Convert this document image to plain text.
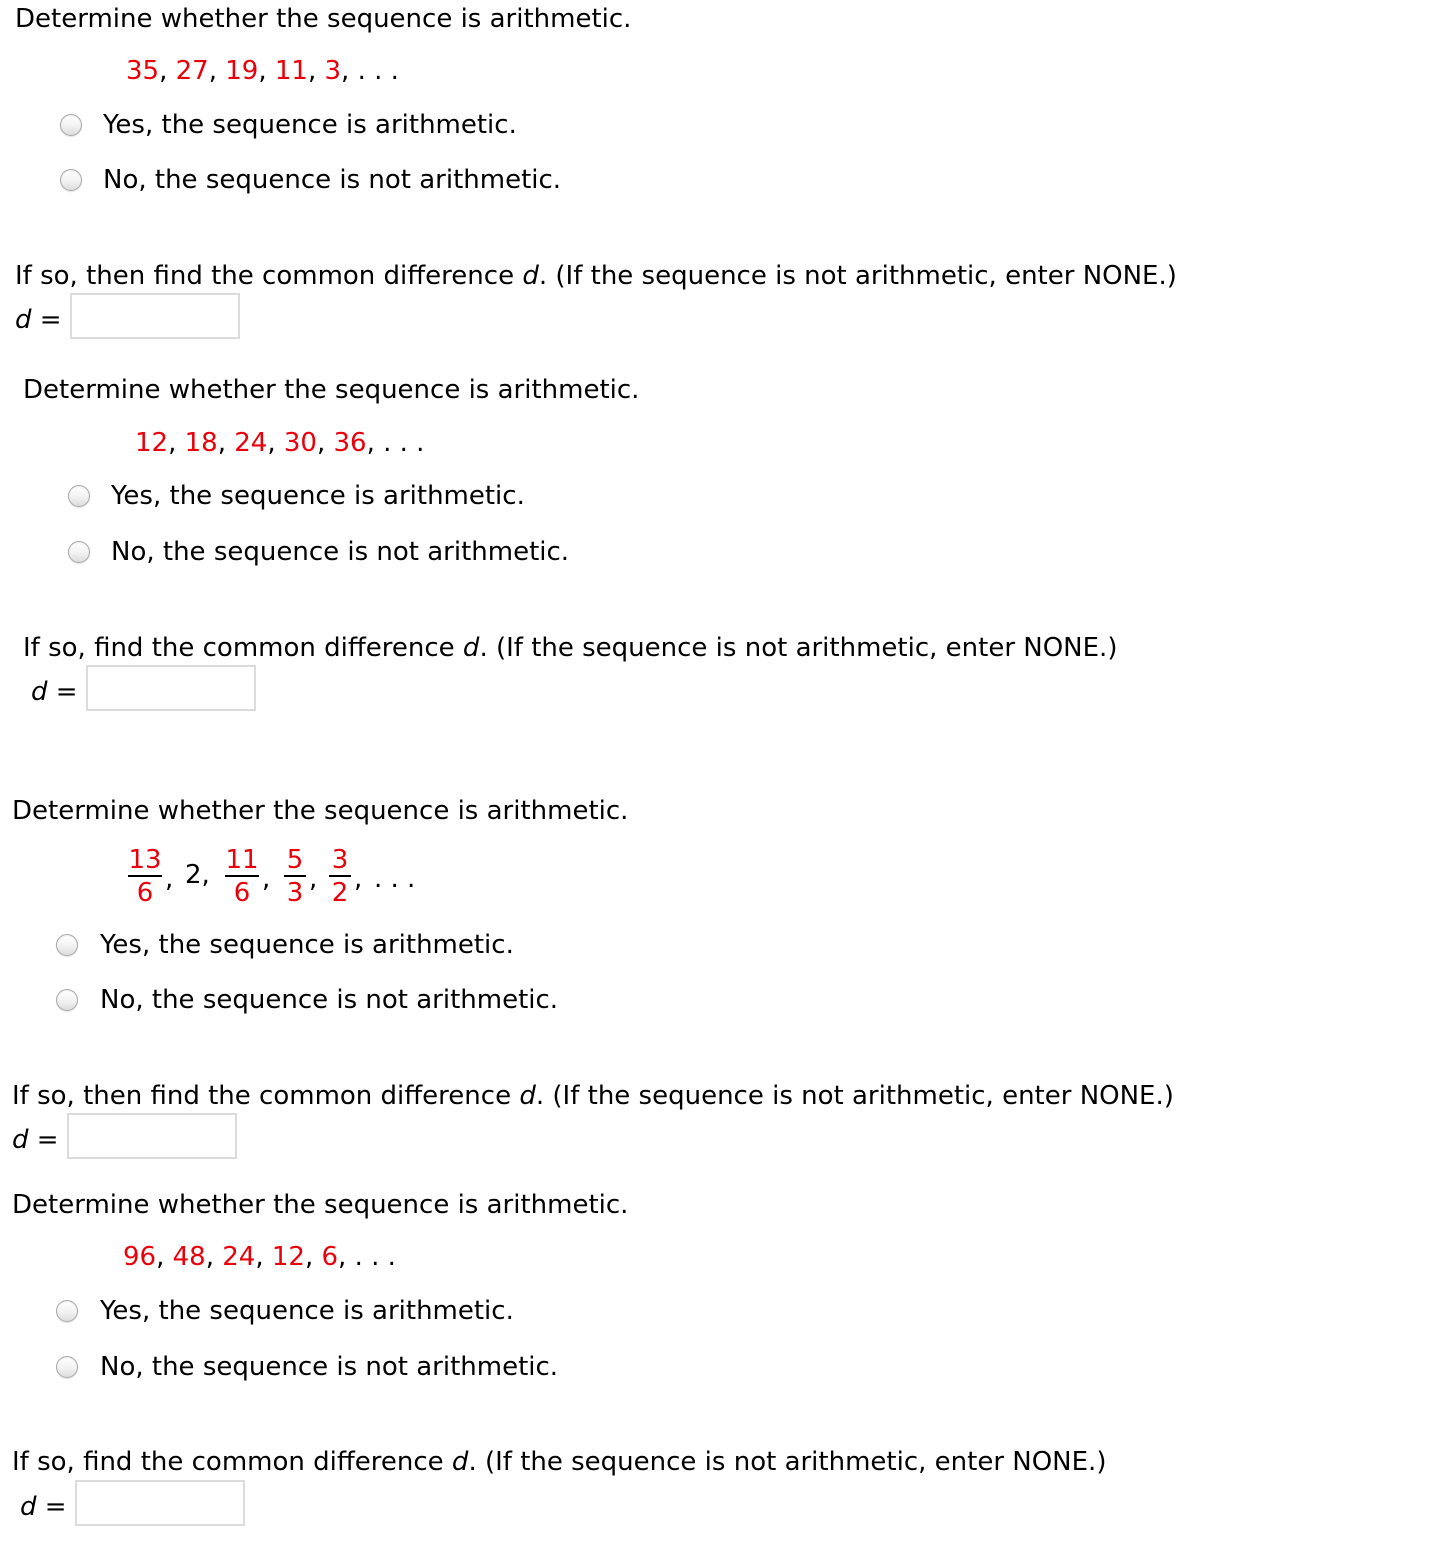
Determine whether the sequence is arithmetic.
35, 27, 19, 11, 3, . . .
Yes, the sequence is arithmetic.
No, the sequence is not arithmetic.
If so, then find the common difference d. (If the sequence is not arithmetic, enter NONE.)
d =
Determine whether the sequence is arithmetic.
12, 18, 24, 30, 36, . . .
Yes, the sequence is arithmetic.
No, the sequence is not arithmetic.
If so, find the common difference d. (If the sequence is not arithmetic, enter NONE.)
d =
Determine whether the sequence is arithmetic.
13
6 , 2, 11
6 ,
5
3 ,
3
2 , . . .
Yes, the sequence is arithmetic.
No, the sequence is not arithmetic.
If so, then find the common difference d. (If the sequence is not arithmetic, enter NONE.)
d =
Determine whether the sequence is arithmetic.
96, 48, 24, 12, 6, . . .
Yes, the sequence is arithmetic.
No, the sequence is not arithmetic.
If so, find the common difference d. (If the sequence is not arithmetic, enter NONE.)
d =
